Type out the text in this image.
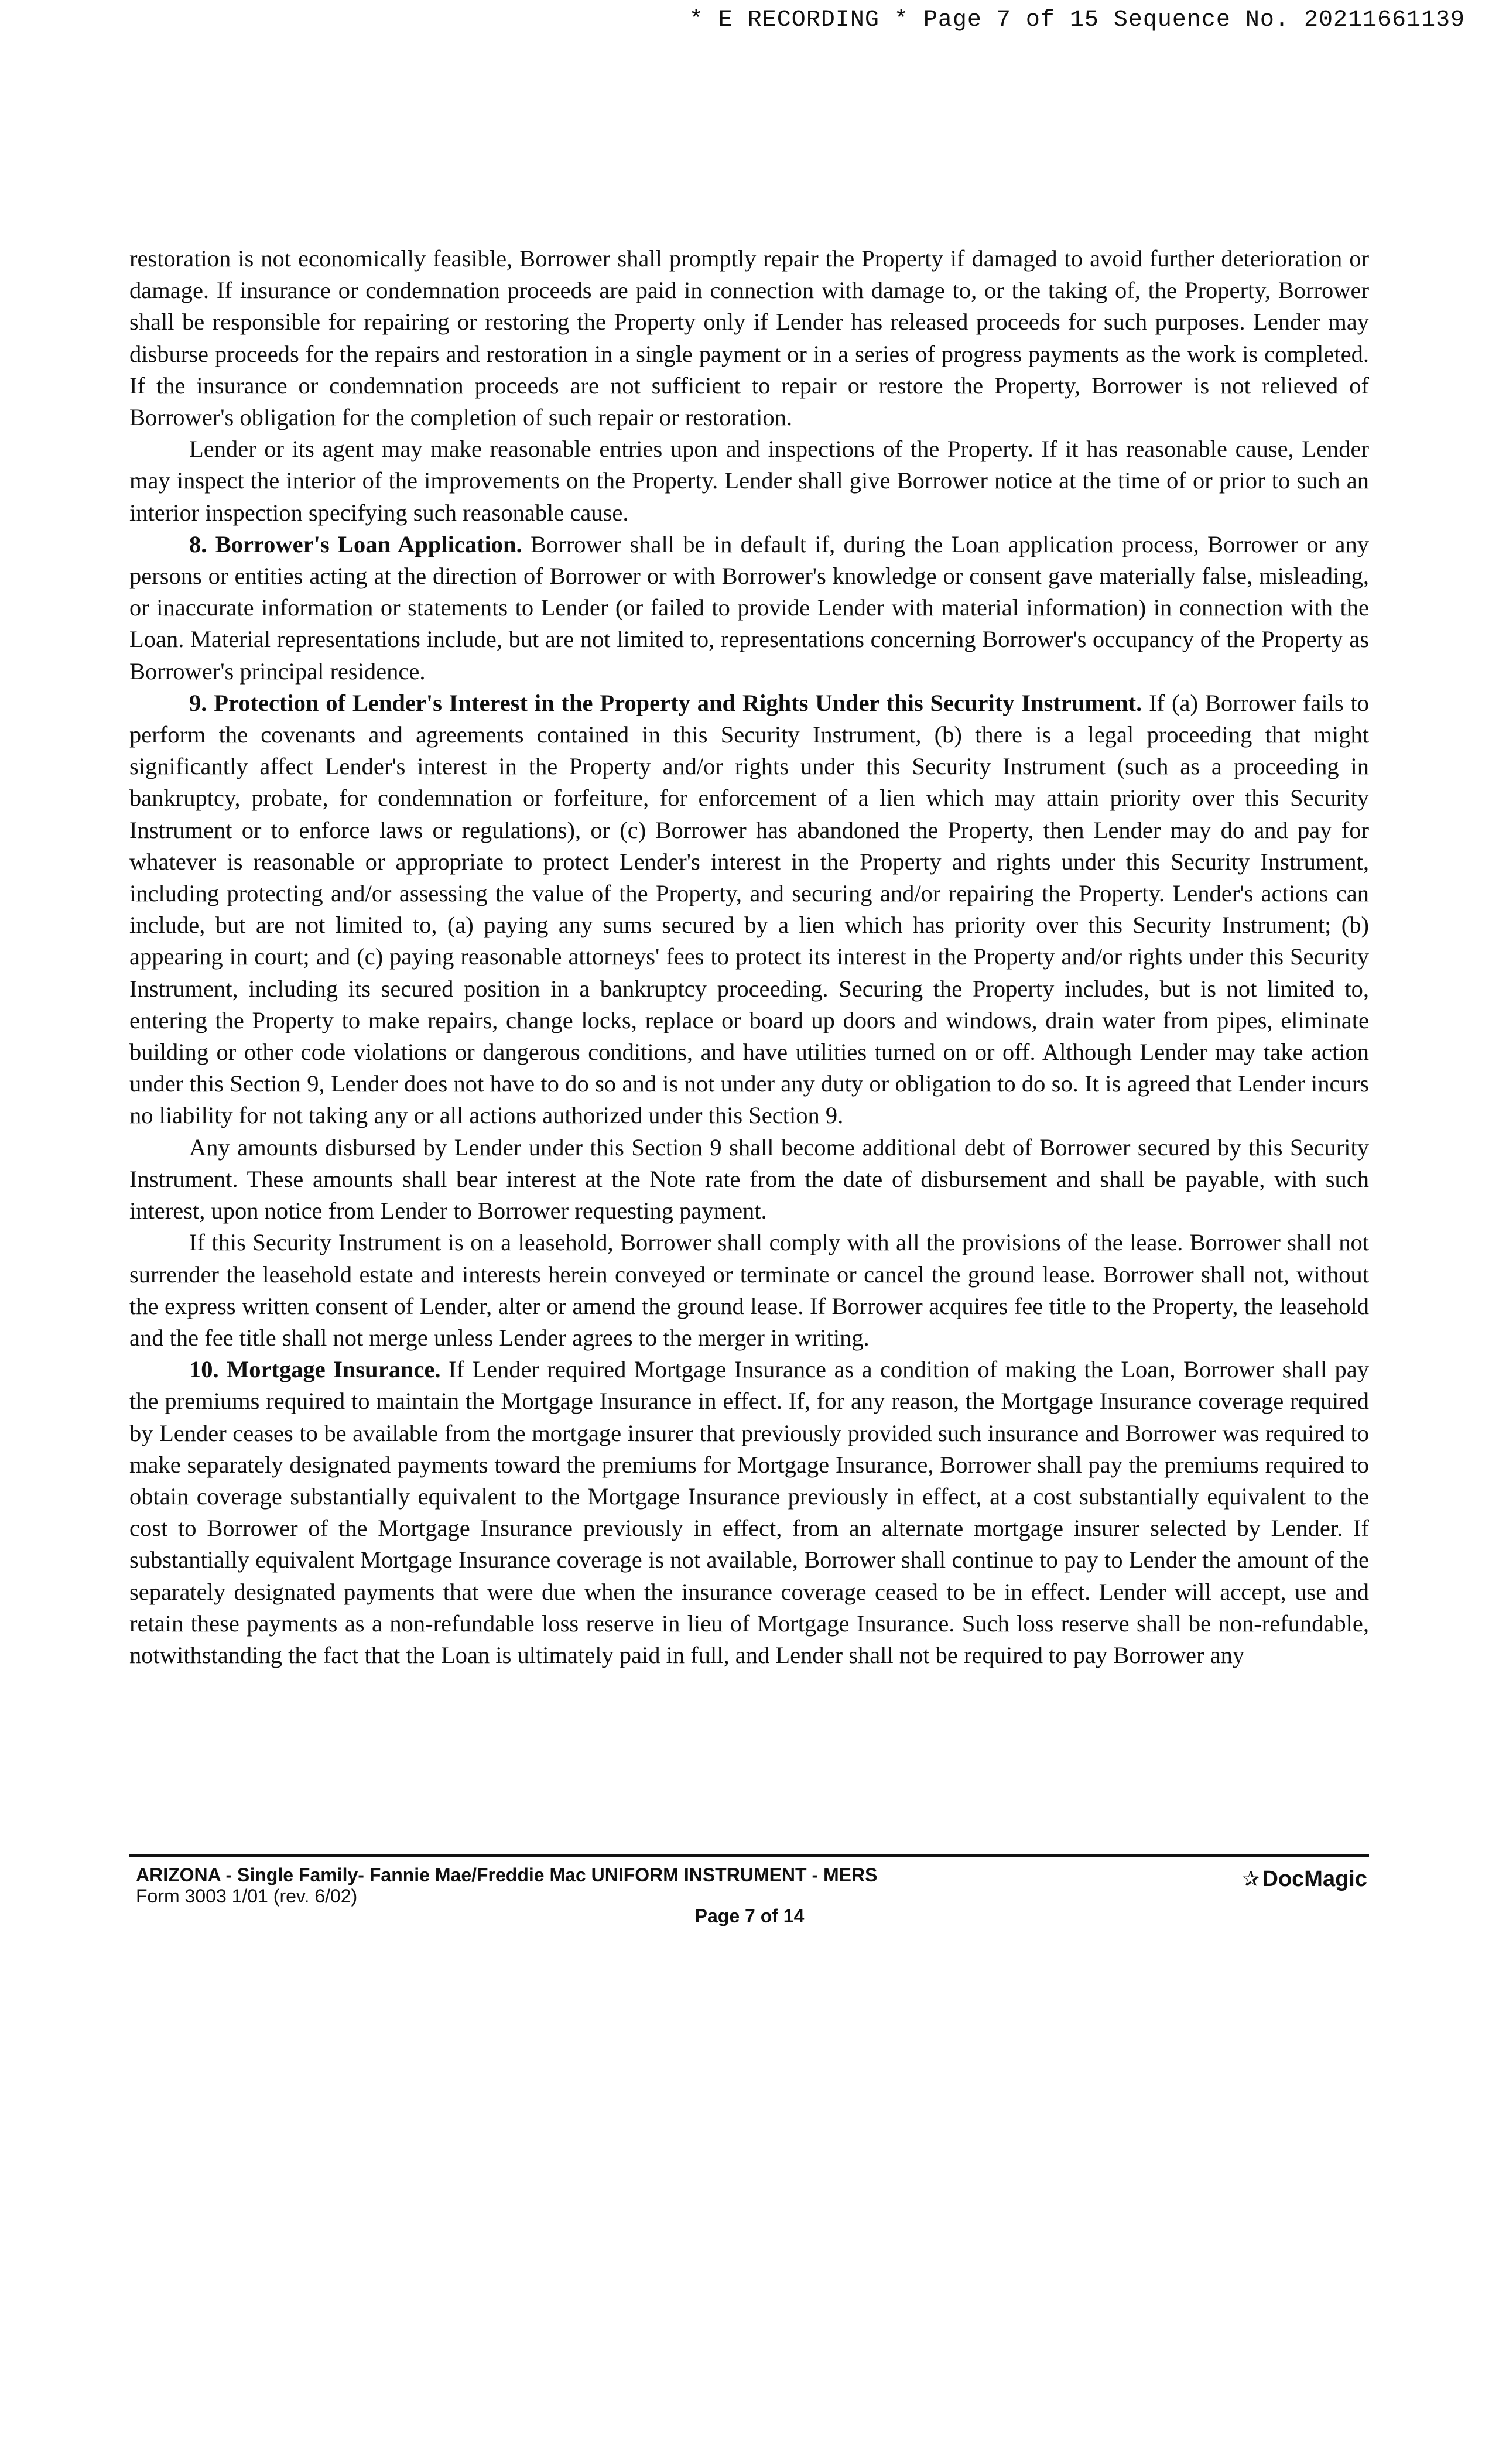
* E RECORDING * Page 7 of 15 Sequence No. 20211661139

restoration is not economically feasible, Borrower shall promptly repair the Property if damaged to avoid further deterioration or damage. If insurance or condemnation proceeds are paid in connection with damage to, or the taking of, the Property, Borrower shall be responsible for repairing or restoring the Property only if Lender has released proceeds for such purposes. Lender may disburse proceeds for the repairs and restoration in a single payment or in a series of progress payments as the work is completed. If the insurance or condemnation proceeds are not sufficient to repair or restore the Property, Borrower is not relieved of Borrower's obligation for the completion of such repair or restoration.

Lender or its agent may make reasonable entries upon and inspections of the Property. If it has reasonable cause, Lender may inspect the interior of the improvements on the Property. Lender shall give Borrower notice at the time of or prior to such an interior inspection specifying such reasonable cause.

8. Borrower's Loan Application. Borrower shall be in default if, during the Loan application process, Borrower or any persons or entities acting at the direction of Borrower or with Borrower's knowledge or consent gave materially false, misleading, or inaccurate information or statements to Lender (or failed to provide Lender with material information) in connection with the Loan. Material representations include, but are not limited to, representations concerning Borrower's occupancy of the Property as Borrower's principal residence.

9. Protection of Lender's Interest in the Property and Rights Under this Security Instrument. If (a) Borrower fails to perform the covenants and agreements contained in this Security Instrument, (b) there is a legal proceeding that might significantly affect Lender's interest in the Property and/or rights under this Security Instrument (such as a proceeding in bankruptcy, probate, for condemnation or forfeiture, for enforcement of a lien which may attain priority over this Security Instrument or to enforce laws or regulations), or (c) Borrower has abandoned the Property, then Lender may do and pay for whatever is reasonable or appropriate to protect Lender's interest in the Property and rights under this Security Instrument, including protecting and/or assessing the value of the Property, and securing and/or repairing the Property. Lender's actions can include, but are not limited to, (a) paying any sums secured by a lien which has priority over this Security Instrument; (b) appearing in court; and (c) paying reasonable attorneys' fees to protect its interest in the Property and/or rights under this Security Instrument, including its secured position in a bankruptcy proceeding. Securing the Property includes, but is not limited to, entering the Property to make repairs, change locks, replace or board up doors and windows, drain water from pipes, eliminate building or other code violations or dangerous conditions, and have utilities turned on or off. Although Lender may take action under this Section 9, Lender does not have to do so and is not under any duty or obligation to do so. It is agreed that Lender incurs no liability for not taking any or all actions authorized under this Section 9.

Any amounts disbursed by Lender under this Section 9 shall become additional debt of Borrower secured by this Security Instrument. These amounts shall bear interest at the Note rate from the date of disbursement and shall be payable, with such interest, upon notice from Lender to Borrower requesting payment.

If this Security Instrument is on a leasehold, Borrower shall comply with all the provisions of the lease. Borrower shall not surrender the leasehold estate and interests herein conveyed or terminate or cancel the ground lease. Borrower shall not, without the express written consent of Lender, alter or amend the ground lease. If Borrower acquires fee title to the Property, the leasehold and the fee title shall not merge unless Lender agrees to the merger in writing.

10. Mortgage Insurance. If Lender required Mortgage Insurance as a condition of making the Loan, Borrower shall pay the premiums required to maintain the Mortgage Insurance in effect. If, for any reason, the Mortgage Insurance coverage required by Lender ceases to be available from the mortgage insurer that previously provided such insurance and Borrower was required to make separately designated payments toward the premiums for Mortgage Insurance, Borrower shall pay the premiums required to obtain coverage substantially equivalent to the Mortgage Insurance previously in effect, at a cost substantially equivalent to the cost to Borrower of the Mortgage Insurance previously in effect, from an alternate mortgage insurer selected by Lender. If substantially equivalent Mortgage Insurance coverage is not available, Borrower shall continue to pay to Lender the amount of the separately designated payments that were due when the insurance coverage ceased to be in effect. Lender will accept, use and retain these payments as a non-refundable loss reserve in lieu of Mortgage Insurance. Such loss reserve shall be non-refundable, notwithstanding the fact that the Loan is ultimately paid in full, and Lender shall not be required to pay Borrower any

ARIZONA - Single Family- Fannie Mae/Freddie Mac UNIFORM INSTRUMENT - MERS
Form 3003 1/01 (rev. 6/02)
✰ DocMagic
Page 7 of 14
